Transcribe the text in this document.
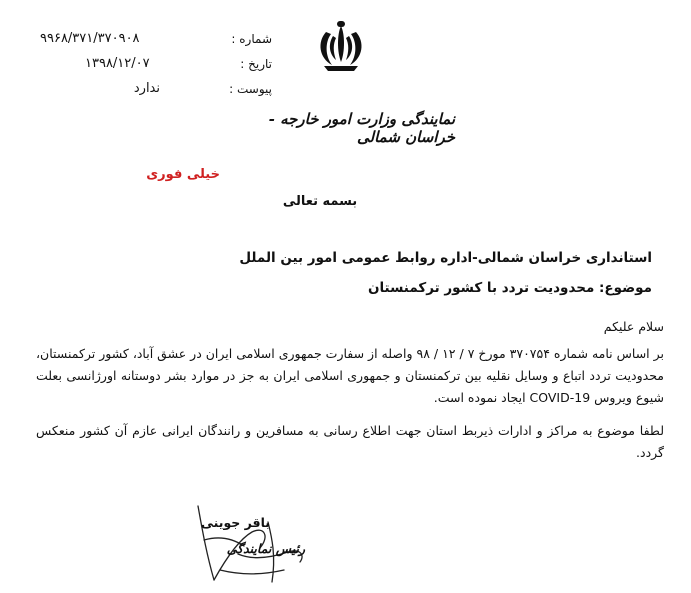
شماره :
۹۹۶۸/۳۷۱/۳۷۰۹۰۸
تاریخ :
۱۳۹۸/۱۲/۰۷
پیوست :
ندارد
نمایندگی وزارت امور خارجه - خراسان شمالی
خیلی فوری
بسمه تعالی
استانداری خراسان شمالی-اداره روابط عمومی امور بین الملل
موضوع: محدودیت تردد با کشور ترکمنستان
سلام علیکم
بر اساس نامه شماره ۳۷۰۷۵۴ مورخ ۷ / ۱۲ / ۹۸ واصله از سفارت جمهوری اسلامی ایران در عشق آباد، کشور ترکمنستان، محدودیت تردد اتباع و وسایل نقلیه بین ترکمنستان و جمهوری اسلامی ایران به جز در موارد بشر دوستانه اورژانسی بعلت شیوع ویروس COVID-19 ایجاد نموده است.
لطفا موضوع به مراکز و ادارات ذیربط استان جهت اطلاع رسانی به مسافرین و رانندگان ایرانی عازم آن کشور منعکس گردد.
باقر جوینی
رئیس نمایندگی
